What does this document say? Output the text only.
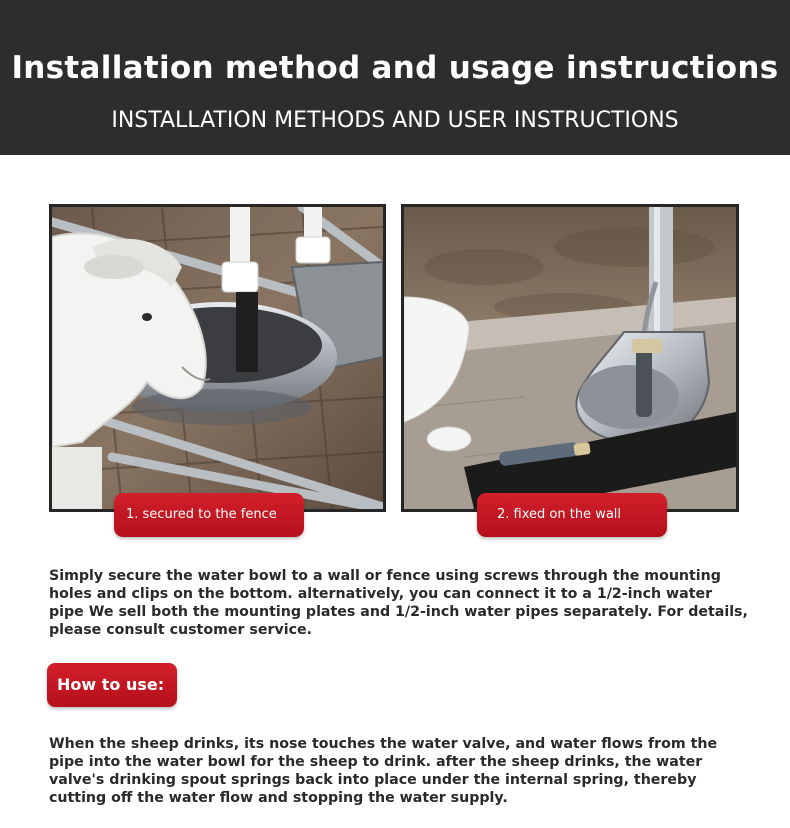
Installation method and usage instructions
INSTALLATION METHODS AND USER INSTRUCTIONS
1. secured to the fence	2. fixed on the wall

Simply secure the water bowl to a wall or fence using screws through the mounting holes and clips on the bottom. alternatively, you can connect it to a 1/2-inch water pipe We sell both the mounting plates and 1/2-inch water pipes separately. For details, please consult customer service.

How to use:

When the sheep drinks, its nose touches the water valve, and water flows from the pipe into the water bowl for the sheep to drink. after the sheep drinks, the water valve's drinking spout springs back into place under the internal spring, thereby cutting off the water flow and stopping the water supply.
